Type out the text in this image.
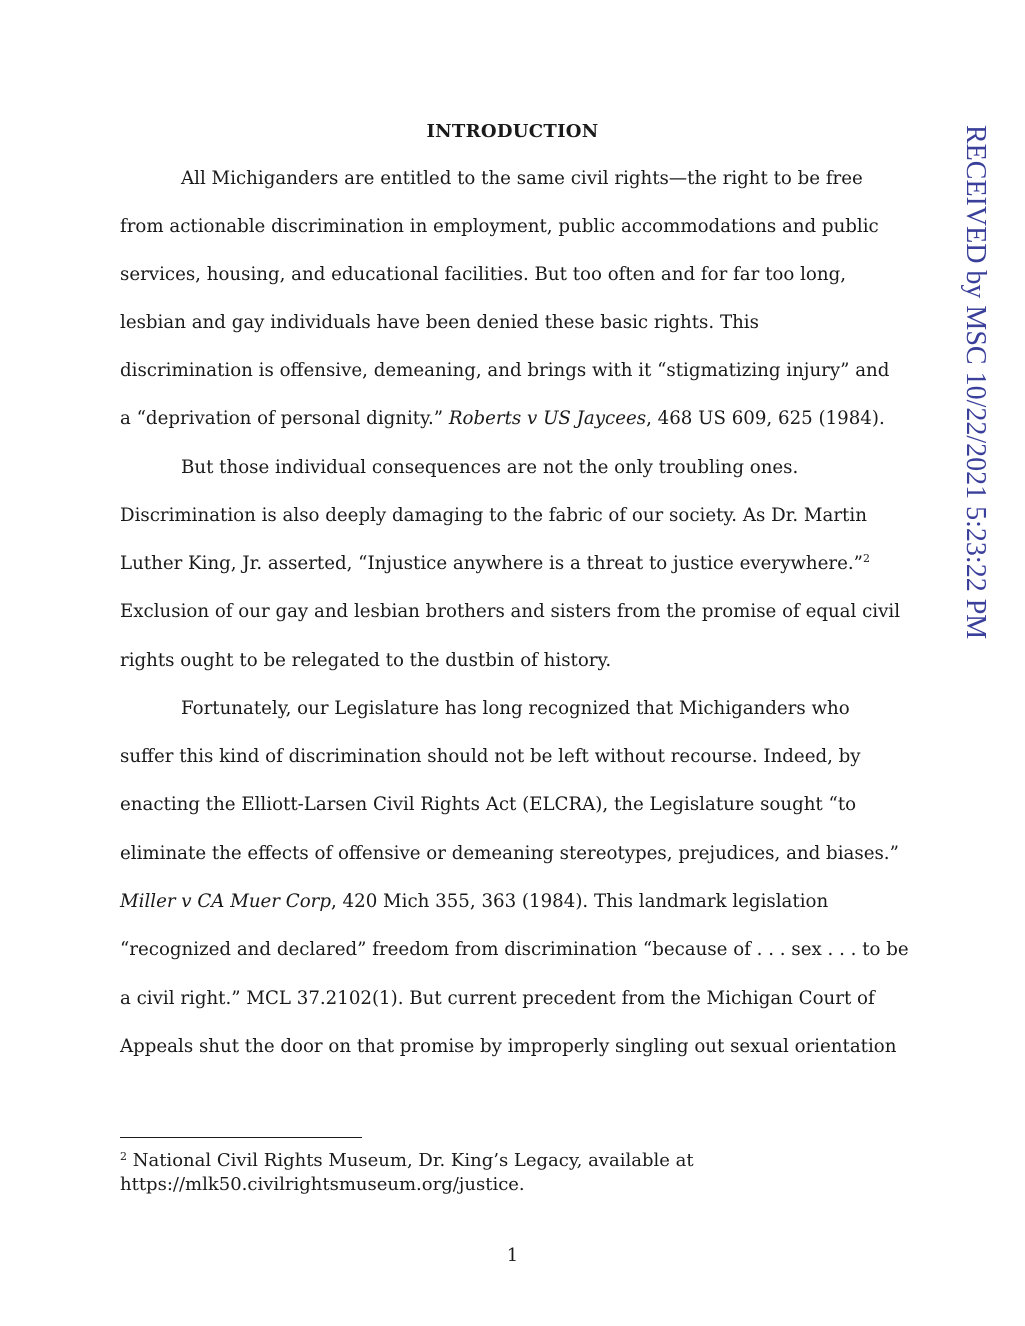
RECEIVED by MSC 10/22/2021 5:23:22 PM
INTRODUCTION
All Michiganders are entitled to the same civil rights—the right to be free
from actionable discrimination in employment, public accommodations and public
services, housing, and educational facilities. But too often and for far too long,
lesbian and gay individuals have been denied these basic rights. This
discrimination is offensive, demeaning, and brings with it “stigmatizing injury” and
a “deprivation of personal dignity.” Roberts v US Jaycees, 468 US 609, 625 (1984).
But those individual consequences are not the only troubling ones.
Discrimination is also deeply damaging to the fabric of our society. As Dr. Martin
Luther King, Jr. asserted, “Injustice anywhere is a threat to justice everywhere.”$^2$
Exclusion of our gay and lesbian brothers and sisters from the promise of equal civil
rights ought to be relegated to the dustbin of history.
Fortunately, our Legislature has long recognized that Michiganders who
suffer this kind of discrimination should not be left without recourse. Indeed, by
enacting the Elliott-Larsen Civil Rights Act (ELCRA), the Legislature sought “to
eliminate the effects of offensive or demeaning stereotypes, prejudices, and biases.”
Miller v CA Muer Corp, 420 Mich 355, 363 (1984). This landmark legislation
“recognized and declared” freedom from discrimination “because of . . . sex . . . to be
a civil right.” MCL 37.2102(1). But current precedent from the Michigan Court of
Appeals shut the door on that promise by improperly singling out sexual orientation
$^2$ National Civil Rights Museum, Dr. King’s Legacy, available at
https://mlk50.civilrightsmuseum.org/justice.
1
